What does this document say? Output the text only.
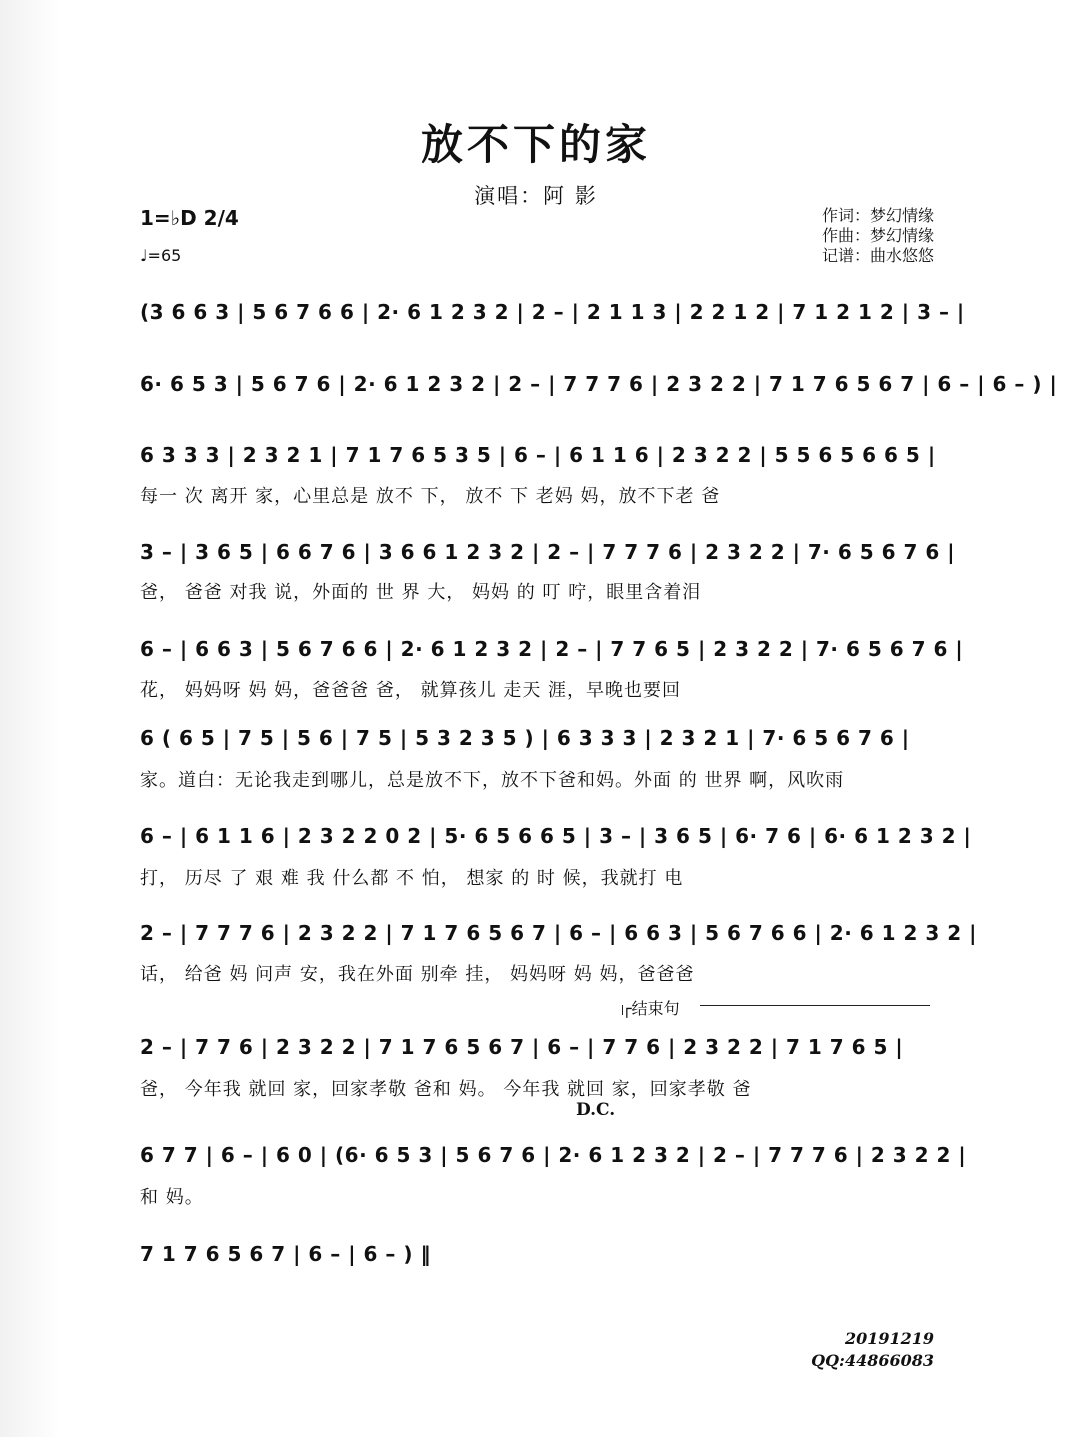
放不下的家
演唱：阿 影
1=♭D 2/4
♩=65
作词：梦幻情缘
作曲：梦幻情缘
记谱：曲水悠悠
(3 6 6 3 | 5 6 7 6 6 | 2· 6 1 2 3 2 | 2 – | 2 1 1 3 | 2 2 1 2 | 7 1 2 1 2 | 3 – |
6· 6 5 3 | 5 6 7 6 | 2· 6 1 2 3 2 | 2 – | 7 7 7 6 | 2 3 2 2 | 7 1 7 6 5 6 7 | 6 – | 6 – ) |
6 3 3 3 | 2 3 2 1 | 7 1 7 6 5 3 5 | 6 – | 6 1 1 6 | 2 3 2 2 | 5 5 6 5 6 6 5 |
每一 次 离开 家，心里总是 放不 下， 放不 下 老妈 妈，放不下老 爸
3 – | 3 6 5 | 6 6 7 6 | 3 6 6 1 2 3 2 | 2 – | 7 7 7 6 | 2 3 2 2 | 7· 6 5 6 7 6 |
爸， 爸爸 对我 说，外面的 世 界 大， 妈妈 的 叮 咛，眼里含着泪
6 – | 6 6 3 | 5 6 7 6 6 | 2· 6 1 2 3 2 | 2 – | 7 7 6 5 | 2 3 2 2 | 7· 6 5 6 7 6 |
花， 妈妈呀 妈 妈，爸爸爸 爸， 就算孩儿 走天 涯，早晚也要回
6 ( 6 5 | 7 5 | 5 6 | 7 5 | 5 3 2 3 5 ) | 6 3 3 3 | 2 3 2 1 | 7· 6 5 6 7 6 |
家。道白：无论我走到哪儿，总是放不下，放不下爸和妈。外面 的 世界 啊，风吹雨
6 – | 6 1 1 6 | 2 3 2 2 0 2 | 5· 6 5 6 6 5 | 3 – | 3 6 5 | 6· 7 6 | 6· 6 1 2 3 2 |
打， 历尽 了 艰 难 我 什么都 不 怕， 想家 的 时 候，我就打 电
2 – | 7 7 7 6 | 2 3 2 2 | 7 1 7 6 5 6 7 | 6 – | 6 6 3 | 5 6 7 6 6 | 2· 6 1 2 3 2 |
话， 给爸 妈 问声 安，我在外面 别牵 挂， 妈妈呀 妈 妈，爸爸爸
┌结束句
2 – | 7 7 6 | 2 3 2 2 | 7 1 7 6 5 6 7 | 6 – | 7 7 6 | 2 3 2 2 | 7 1 7 6 5 |
爸， 今年我 就回 家，回家孝敬 爸和 妈。 今年我 就回 家，回家孝敬 爸
D.C.
6 7 7 | 6 – | 6 0 | (6· 6 5 3 | 5 6 7 6 | 2· 6 1 2 3 2 | 2 – | 7 7 7 6 | 2 3 2 2 |
和 妈。
7 1 7 6 5 6 7 | 6 – | 6 – ) ‖
20191219
QQ:44866083
